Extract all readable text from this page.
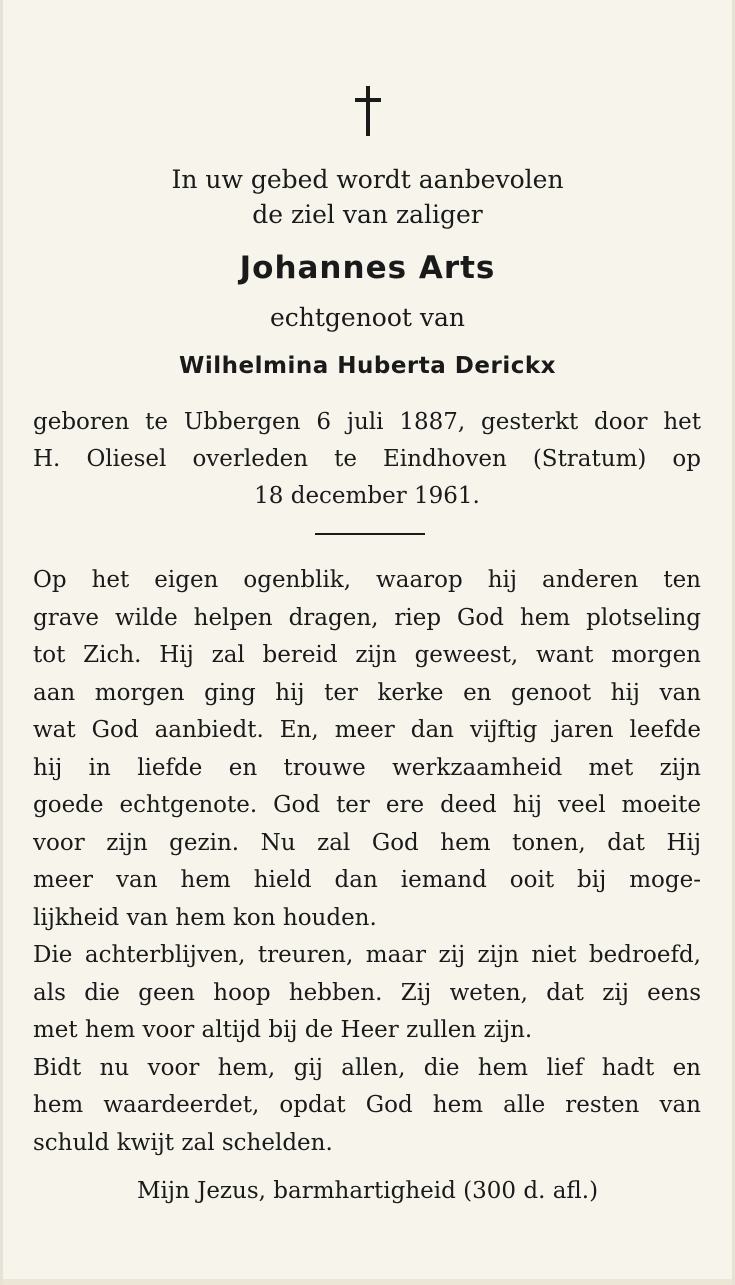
In uw gebed wordt aanbevolen
de ziel van zaliger
Johannes Arts
echtgenoot van
Wilhelmina Huberta Derickx
geboren te Ubbergen 6 juli 1887, gesterkt door het
H. Oliesel overleden te Eindhoven (Stratum) op
18 december 1961.
Op het eigen ogenblik, waarop hij anderen ten
grave wilde helpen dragen, riep God hem plotseling
tot Zich. Hij zal bereid zijn geweest, want morgen
aan morgen ging hij ter kerke en genoot hij van
wat God aanbiedt. En, meer dan vijftig jaren leefde
hij in liefde en trouwe werkzaamheid met zijn
goede echtgenote. God ter ere deed hij veel moeite
voor zijn gezin. Nu zal God hem tonen, dat Hij
meer van hem hield dan iemand ooit bij moge-
lijkheid van hem kon houden.
Die achterblijven, treuren, maar zij zijn niet bedroefd,
als die geen hoop hebben. Zij weten, dat zij eens
met hem voor altijd bij de Heer zullen zijn.
Bidt nu voor hem, gij allen, die hem lief hadt en
hem waardeerdet, opdat God hem alle resten van
schuld kwijt zal schelden.
Mijn Jezus, barmhartigheid (300 d. afl.)
